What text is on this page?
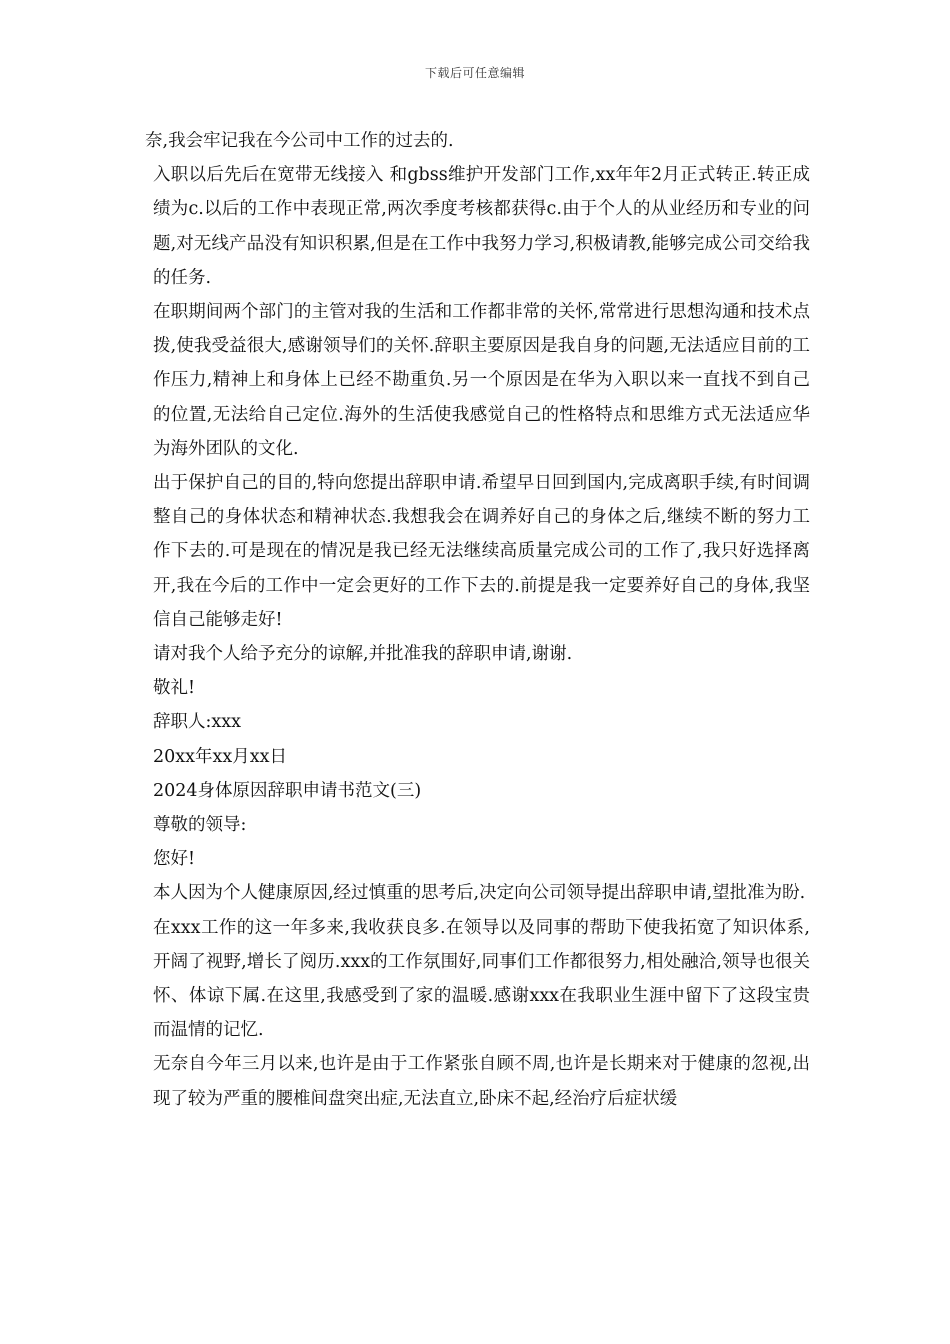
下载后可任意编辑

奈,我会牢记我在今公司中工作的过去的.

入职以后先后在宽带无线接入 和gbss维护开发部门工作,xx年年2月正式转正.转正成绩为c.以后的工作中表现正常,两次季度考核都获得c.由于个人的从业经历和专业的问题,对无线产品没有知识积累,但是在工作中我努力学习,积极请教,能够完成公司交给我的任务.

在职期间两个部门的主管对我的生活和工作都非常的关怀,常常进行思想沟通和技术点拨,使我受益很大,感谢领导们的关怀.辞职主要原因是我自身的问题,无法适应目前的工作压力,精神上和身体上已经不勘重负.另一个原因是在华为入职以来一直找不到自己的位置,无法给自己定位.海外的生活使我感觉自己的性格特点和思维方式无法适应华为海外团队的文化.

出于保护自己的目的,特向您提出辞职申请.希望早日回到国内,完成离职手续,有时间调整自己的身体状态和精神状态.我想我会在调养好自己的身体之后,继续不断的努力工作下去的.可是现在的情况是我已经无法继续高质量完成公司的工作了,我只好选择离开,我在今后的工作中一定会更好的工作下去的.前提是我一定要养好自己的身体,我坚信自己能够走好!

请对我个人给予充分的谅解,并批准我的辞职申请,谢谢.

敬礼!

辞职人:xxx

20xx年xx月xx日

2024身体原因辞职申请书范文(三)

尊敬的领导:

您好!

本人因为个人健康原因,经过慎重的思考后,决定向公司领导提出辞职申请,望批准为盼.

在xxx工作的这一年多来,我收获良多.在领导以及同事的帮助下使我拓宽了知识体系,开阔了视野,增长了阅历.xxx的工作氛围好,同事们工作都很努力,相处融洽,领导也很关怀、体谅下属.在这里,我感受到了家的温暖.感谢xxx在我职业生涯中留下了这段宝贵而温情的记忆.

无奈自今年三月以来,也许是由于工作紧张自顾不周,也许是长期来对于健康的忽视,出现了较为严重的腰椎间盘突出症,无法直立,卧床不起,经治疗后症状缓
